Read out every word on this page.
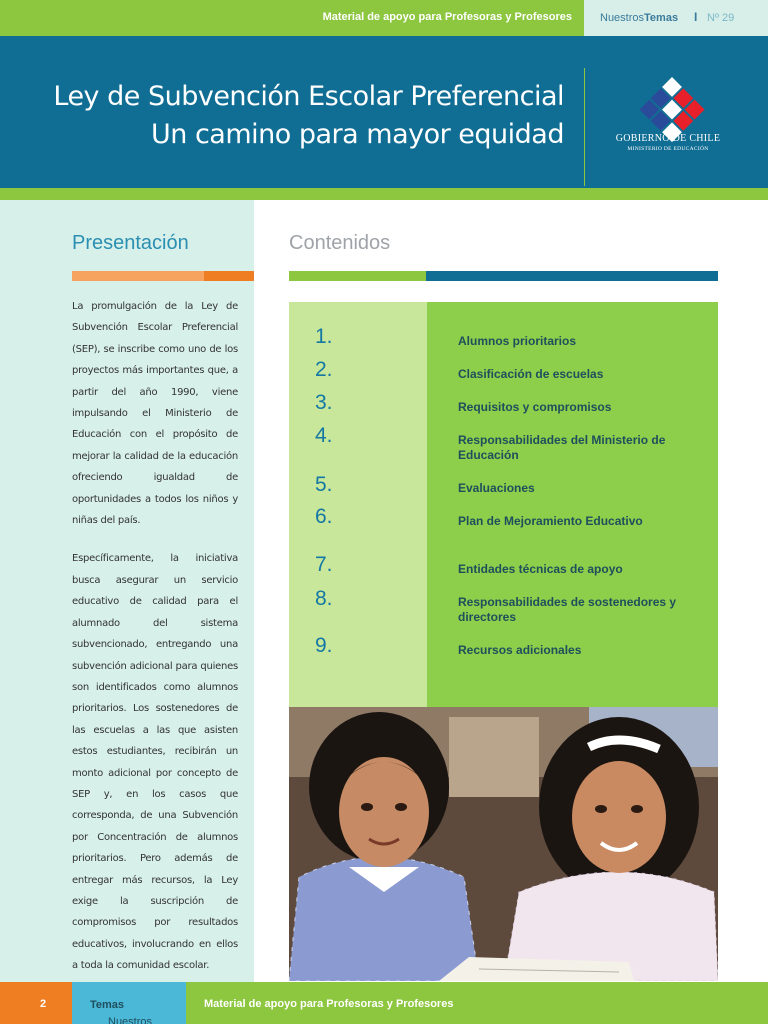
Material de apoyo para Profesoras y Profesores	NuestrosTemas I Nº 29
Ley de Subvención Escolar Preferencial
Un camino para mayor equidad	GOBIERNO DE CHILE
MINISTERIO DE EDUCACIÓN
Presentación

La promulgación de la Ley de Subvención Escolar Preferencial (SEP), se inscribe como uno de los proyectos más importantes que, a partir del año 1990, viene impulsando el Ministerio de Educación con el propósito de mejorar la calidad de la educación ofreciendo igualdad de oportunidades a todos los niños y niñas del país.

Específicamente, la iniciativa busca asegurar un servicio educativo de calidad para el alumnado del sistema subvencionado, entregando una subvención adicional para quienes son identificados como alumnos prioritarios. Los sostenedores de las escuelas a las que asisten estos estudiantes, recibirán un monto adicional por concepto de SEP y, en los casos que corresponda, de una Subvención por Concentración de alumnos prioritarios. Pero además de entregar más recursos, la Ley exige la suscripción de compromisos por resultados educativos, involucrando en ellos a toda la comunidad escolar.

Contenidos
1.	Alumnos prioritarios
2.	Clasificación de escuelas
3.	Requisitos y compromisos
4.	Responsabilidades del Ministerio de Educación
5.	Evaluaciones
6.	Plan de Mejoramiento Educativo
7.	Entidades técnicas de apoyo
8.	Responsabilidades de sostenedores y directores
9.	Recursos adicionales
2
Nuestros
Temas	Material de apoyo para Profesoras y Profesores
